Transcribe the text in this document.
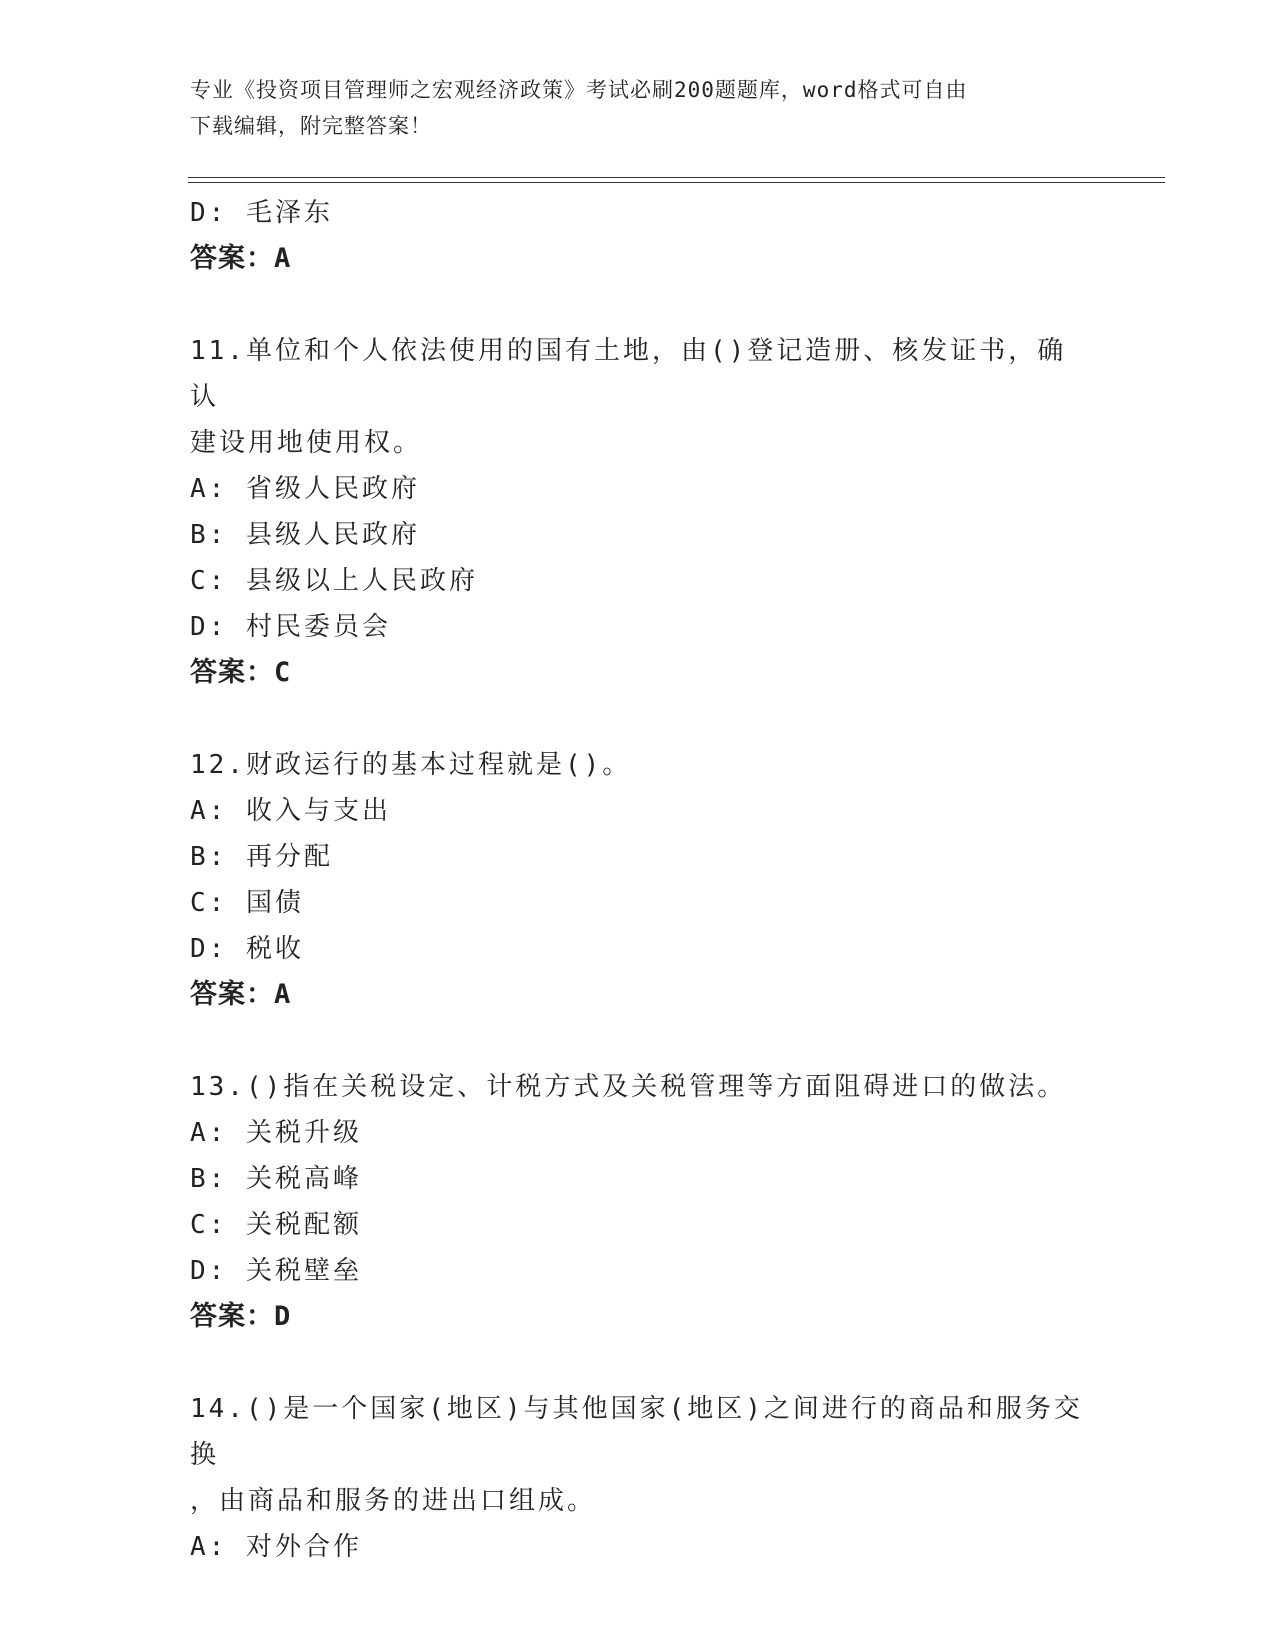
专业《投资项目管理师之宏观经济政策》考试必刷200题题库，word格式可自由
下载编辑，附完整答案！
D: 毛泽东
答案：A
11.单位和个人依法使用的国有土地，由()登记造册、核发证书，确认
建设用地使用权。
A: 省级人民政府
B: 县级人民政府
C: 县级以上人民政府
D: 村民委员会
答案：C
12.财政运行的基本过程就是()。
A: 收入与支出
B: 再分配
C: 国债
D: 税收
答案：A
13.()指在关税设定、计税方式及关税管理等方面阻碍进口的做法。
A: 关税升级
B: 关税高峰
C: 关税配额
D: 关税壁垒
答案：D
14.()是一个国家(地区)与其他国家(地区)之间进行的商品和服务交换
，由商品和服务的进出口组成。
A: 对外合作
